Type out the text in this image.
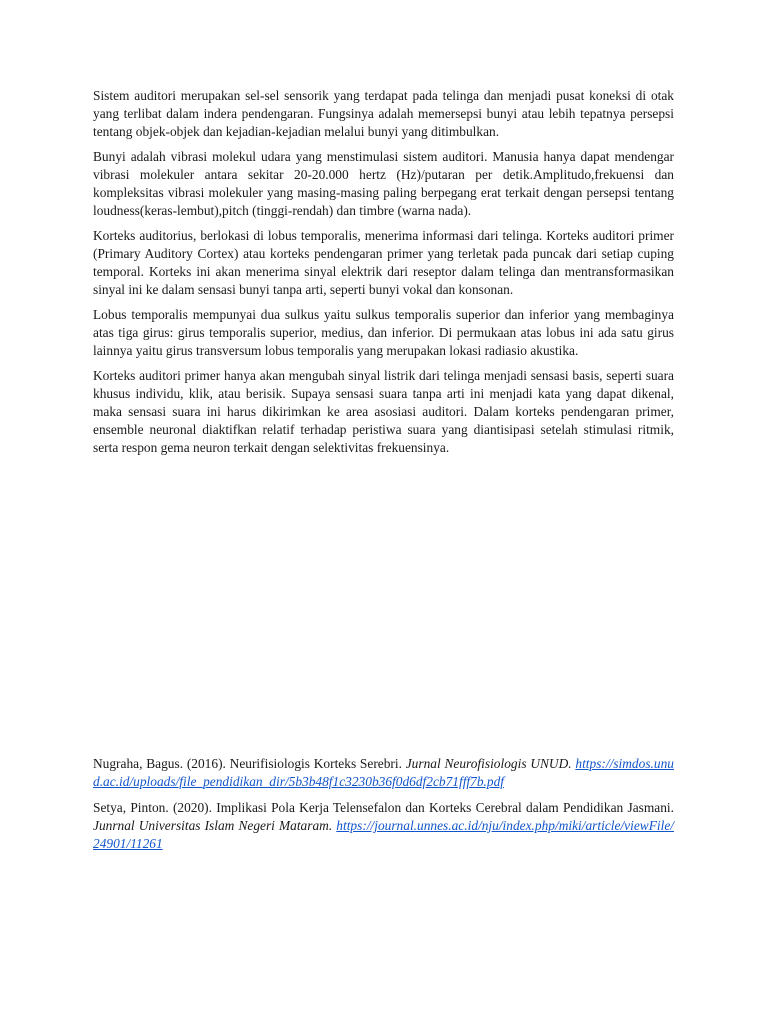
Sistem auditori merupakan sel-sel sensorik yang terdapat pada telinga dan menjadi pusat koneksi di otak yang terlibat dalam indera pendengaran. Fungsinya adalah memersepsi bunyi atau lebih tepatnya persepsi tentang objek-objek dan kejadian-kejadian melalui bunyi yang ditimbulkan.

Bunyi adalah vibrasi molekul udara yang menstimulasi sistem auditori. Manusia hanya dapat mendengar vibrasi molekuler antara sekitar 20-20.000 hertz (Hz)/putaran per detik.Amplitudo,frekuensi dan kompleksitas vibrasi molekuler yang masing-masing paling berpegang erat terkait dengan persepsi tentang loudness(keras-lembut),pitch (tinggi-rendah) dan timbre (warna nada).

Korteks auditorius, berlokasi di lobus temporalis, menerima informasi dari telinga. Korteks auditori primer (Primary Auditory Cortex) atau korteks pendengaran primer yang terletak pada puncak dari setiap cuping temporal. Korteks ini akan menerima sinyal elektrik dari reseptor dalam telinga dan mentransformasikan sinyal ini ke dalam sensasi bunyi tanpa arti, seperti bunyi vokal dan konsonan.

Lobus temporalis mempunyai dua sulkus yaitu sulkus temporalis superior dan inferior yang membaginya atas tiga girus: girus temporalis superior, medius, dan inferior. Di permukaan atas lobus ini ada satu girus lainnya yaitu girus transversum lobus temporalis yang merupakan lokasi radiasio akustika.

Korteks auditori primer hanya akan mengubah sinyal listrik dari telinga menjadi sensasi basis, seperti suara khusus individu, klik, atau berisik. Supaya sensasi suara tanpa arti ini menjadi kata yang dapat dikenal, maka sensasi suara ini harus dikirimkan ke area asosiasi auditori. Dalam korteks pendengaran primer, ensemble neuronal diaktifkan relatif terhadap peristiwa suara yang diantisipasi setelah stimulasi ritmik, serta respon gema neuron terkait dengan selektivitas frekuensinya.

Nugraha, Bagus. (2016). Neurifisiologis Korteks Serebri. Jurnal Neurofisiologis UNUD. https://simdos.unud.ac.id/uploads/file_pendidikan_dir/5b3b48f1c3230b36f0d6df2cb71fff7b.pdf

Setya, Pinton. (2020). Implikasi Pola Kerja Telensefalon dan Korteks Cerebral dalam Pendidikan Jasmani. Junrnal Universitas Islam Negeri Mataram. https://journal.unnes.ac.id/nju/index.php/miki/article/viewFile/24901/11261
